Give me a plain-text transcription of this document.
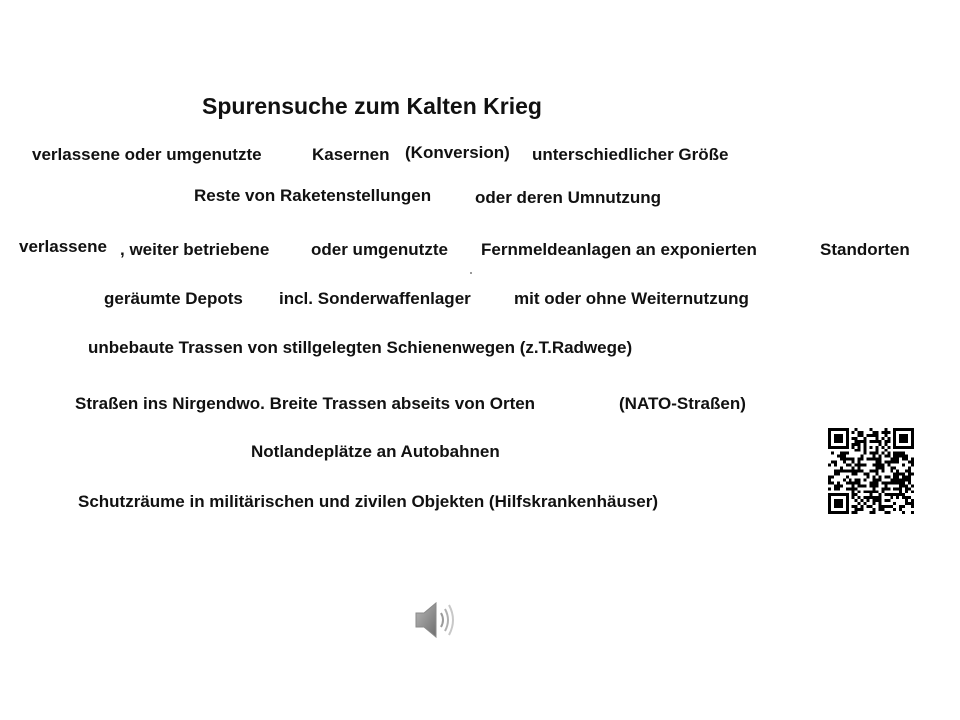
Spurensuche zum Kalten Krieg
verlassene oder umgenutzte	Kasernen (Konversion) unterschiedlicher Größe
Reste von Raketenstellungen	oder deren Umnutzung
verlassene , weiter betriebene oder umgenutzte Fernmeldeanlagen an exponierten	Standorten
geräumte Depots incl. Sonderwaffenlager	mit oder ohne Weiternutzung
unbebaute Trassen von stillgelegten Schienenwegen (z.T.Radwege)
Straßen ins Nirgendwo. Breite Trassen abseits von Orten	(NATO-Straßen)
Notlandeplätze an Autobahnen
Schutzräume in militärischen und zivilen Objekten (Hilfskrankenhäuser)
